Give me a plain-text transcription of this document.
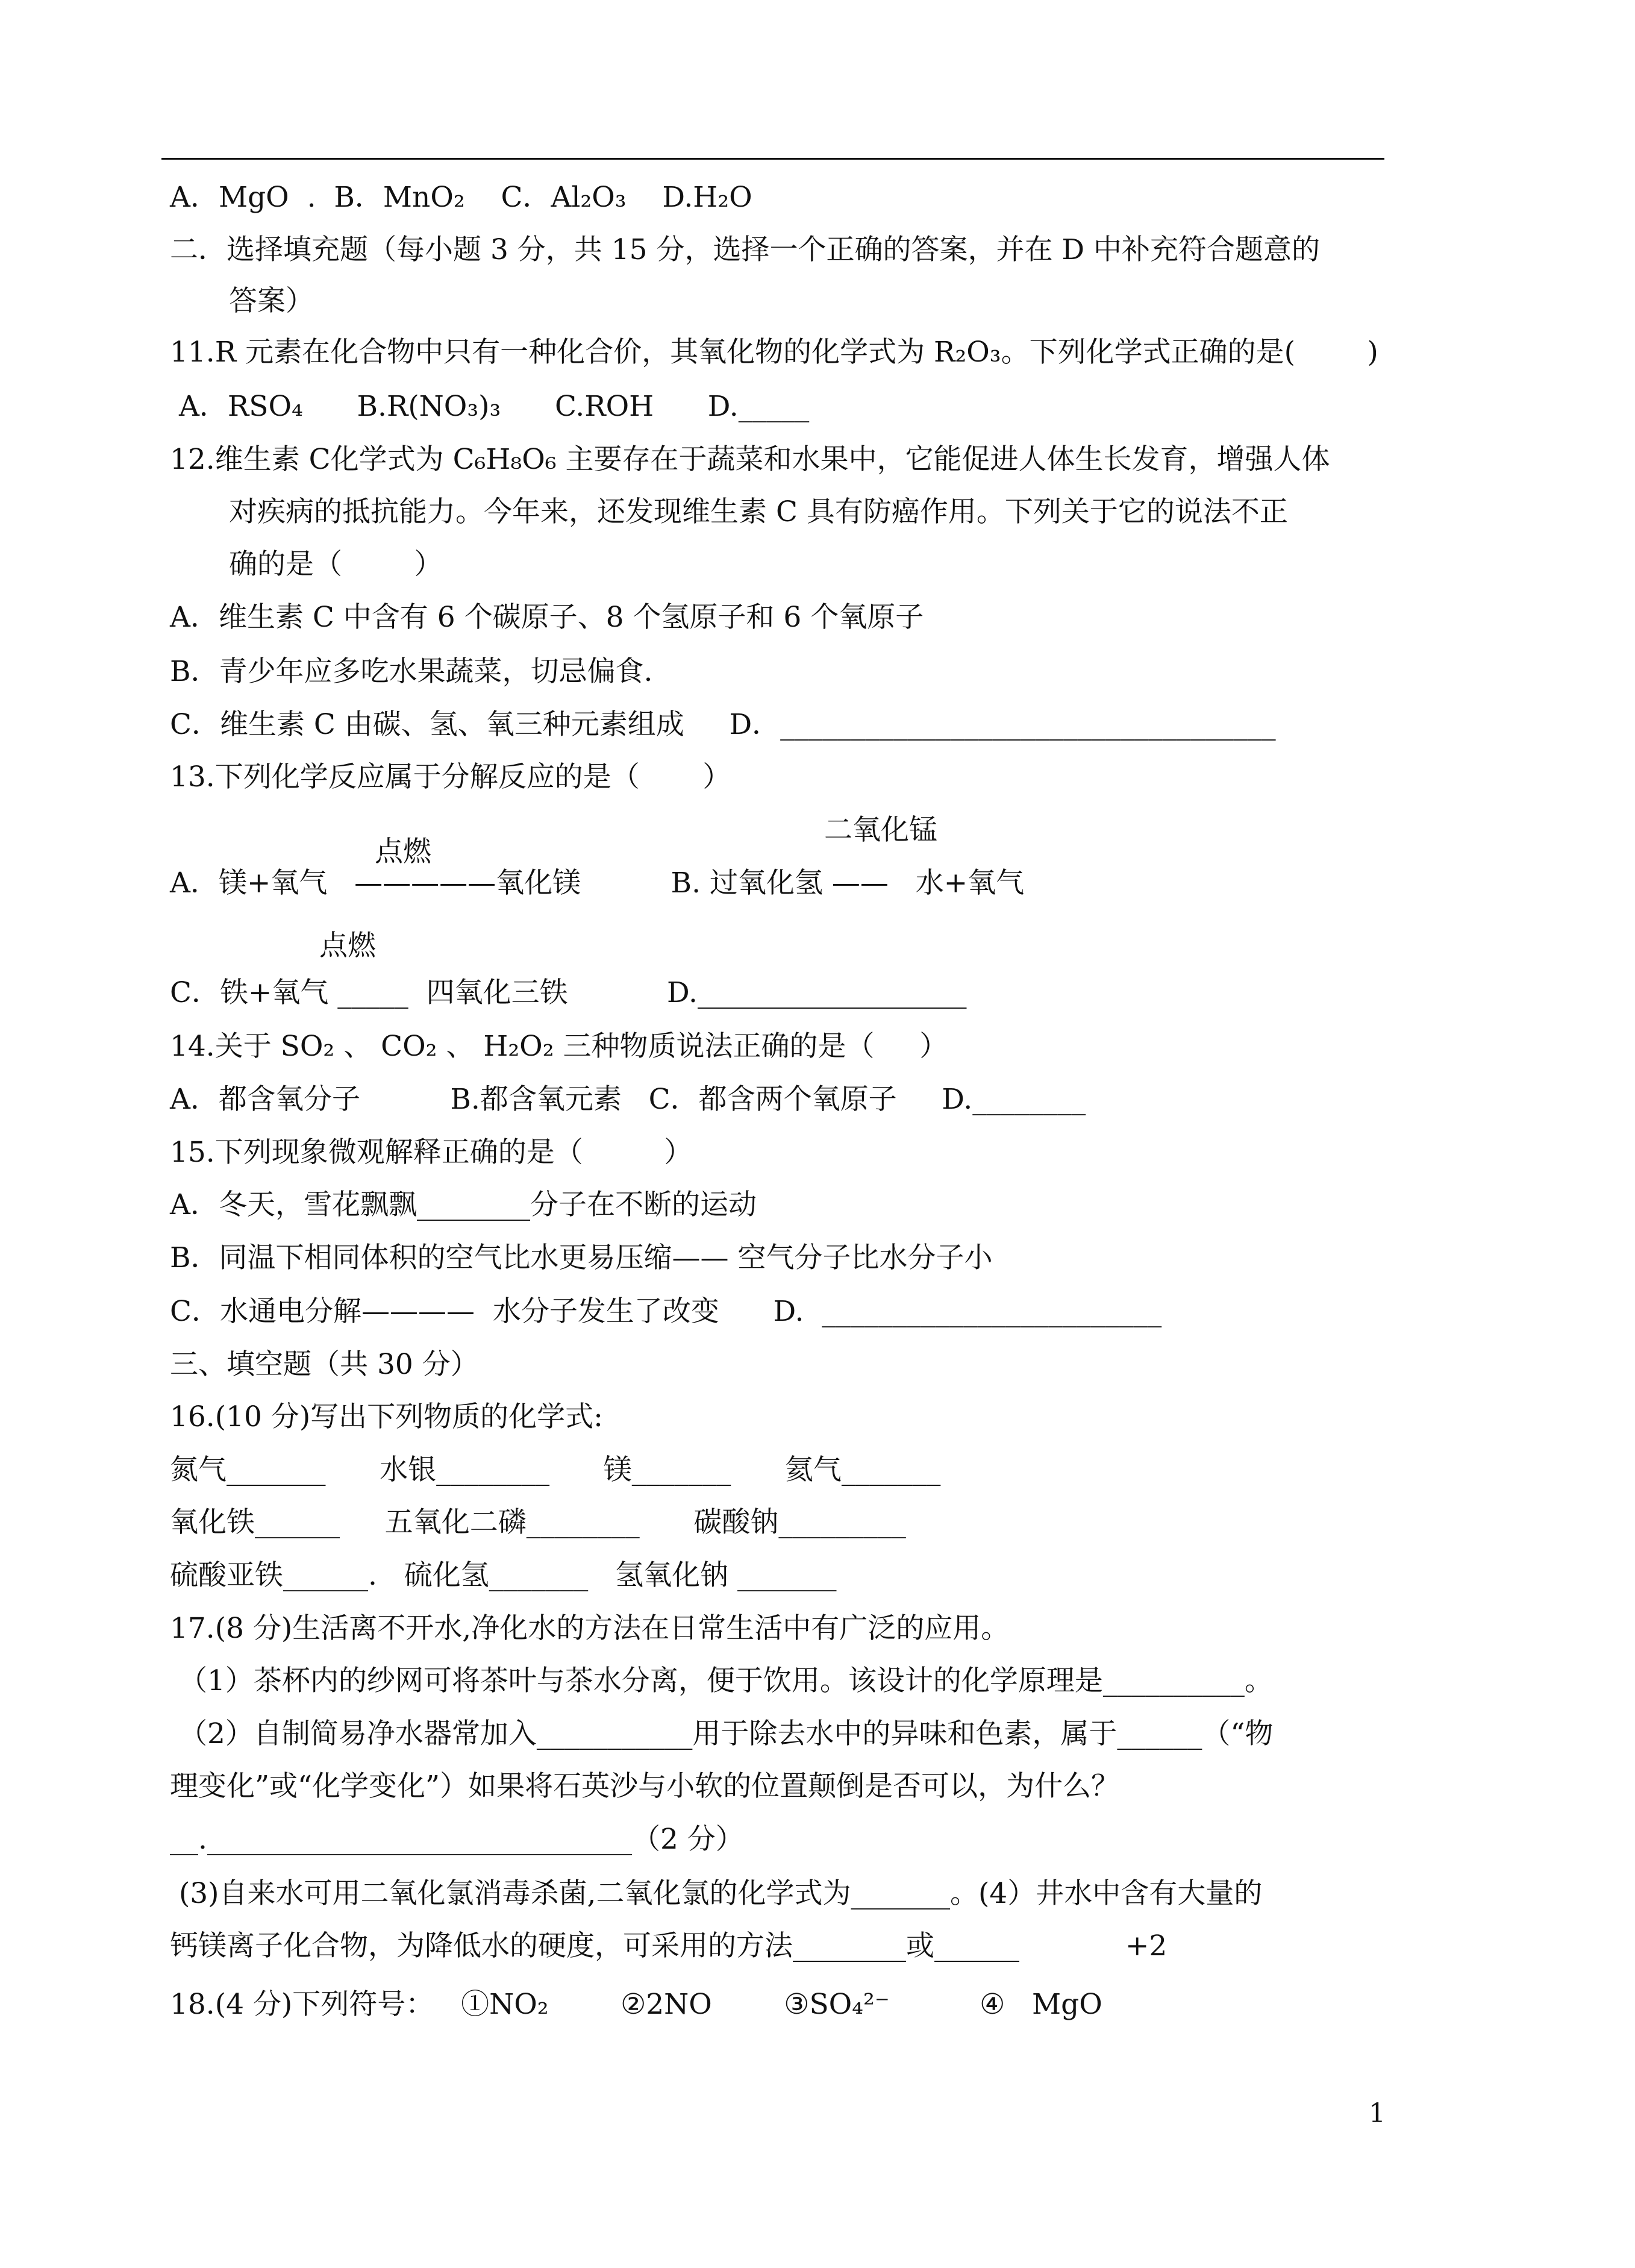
A．MgO  .  B．MnO₂    C．Al₂O₃    D.H₂O
二．选择填充题（每小题 3 分，共 15 分，选择一个正确的答案，并在 D 中补充符合题意的
答案）
11.R 元素在化合物中只有一种化合价，其氧化物的化学式为 R₂O₃。下列化学式正确的是(        )
A．RSO₄      B.R(NO₃)₃      C.ROH      D._____
12.维生素 C化学式为 C₆H₈O₆ 主要存在于蔬菜和水果中，它能促进人体生长发育，增强人体
对疾病的抵抗能力。今年来，还发现维生素 C 具有防癌作用。下列关于它的说法不正
确的是（        ）
A．维生素 C 中含有 6 个碳原子、8 个氢原子和 6 个氧原子
B．青少年应多吃水果蔬菜，切忌偏食.
C．维生素 C 由碳、氢、氧三种元素组成     D．___________________________________
13.下列化学反应属于分解反应的是（       ）
点燃
二氧化锰
A．镁+氧气   —————氧化镁          B. 过氧化氢 ——   水+氧气
点燃
C．铁+氧气 _____  四氧化三铁           D.___________________
14.关于 SO₂ 、 CO₂ 、 H₂O₂ 三种物质说法正确的是（     ）
A．都含氧分子          B.都含氧元素   C．都含两个氧原子     D.________
15.下列现象微观解释正确的是（         ）
A．冬天，雪花飘飘________分子在不断的运动
B．同温下相同体积的空气比水更易压缩—— 空气分子比水分子小
C．水通电分解————  水分子发生了改变      D.  ________________________
三、填空题（共 30 分）
16.(10 分)写出下列物质的化学式:
氮气_______      水银________      镁_______      氦气_______
氧化铁______     五氧化二磷________      碳酸钠_________
硫酸亚铁______.   硫化氢_______   氢氧化钠 _______
17.(8 分)生活离不开水,净化水的方法在日常生活中有广泛的应用。
（1）茶杯内的纱网可将茶叶与茶水分离，便于饮用。该设计的化学原理是__________。
（2）自制简易净水器常加入___________用于除去水中的异味和色素，属于______（“物
理变化”或“化学变化”）如果将石英沙与小软的位置颠倒是否可以，为什么？
__.______________________________（2 分）
(3)自来水可用二氧化氯消毒杀菌,二氧化氯的化学式为_______。(4）井水中含有大量的
钙镁离子化合物，为降低水的硬度，可采用的方法________或______	+2
18.(4 分)下列符号：   ①NO₂        ②2NO        ③SO₄²⁻          ④   MgO
1
